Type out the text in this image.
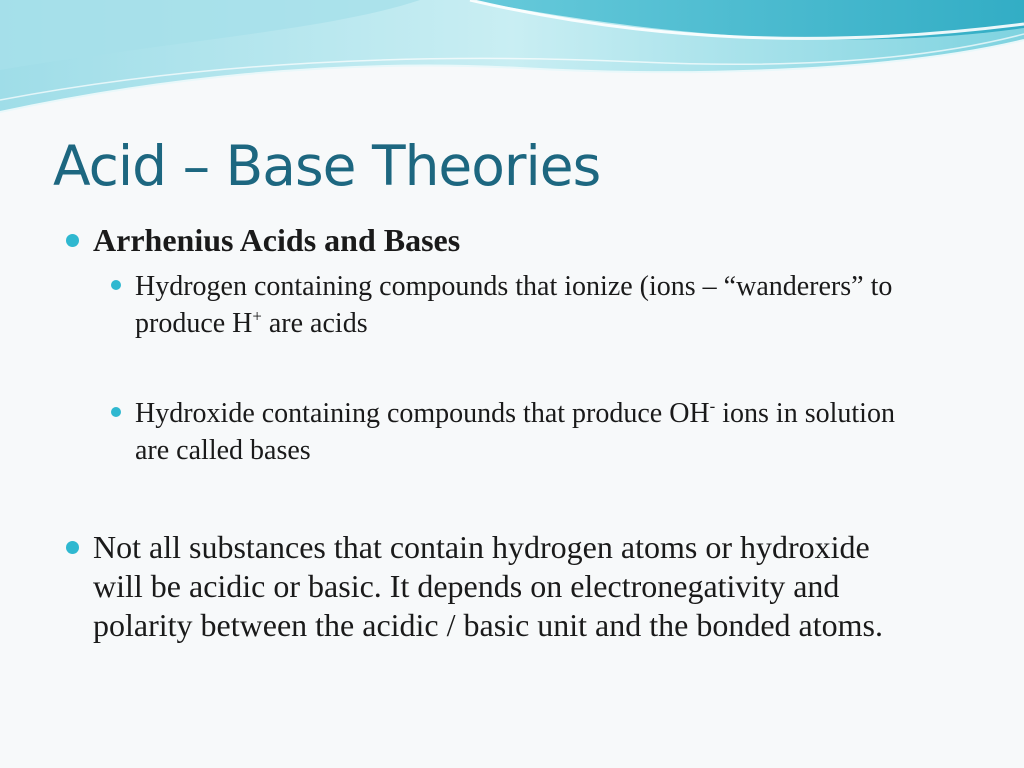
Acid – Base Theories
Arrhenius Acids and Bases
Hydrogen containing compounds that ionize (ions – “wanderers” to produce H+ are acids
Hydroxide containing compounds that produce OH- ions in solution are called bases
Not all substances that contain hydrogen atoms or hydroxide will be acidic or basic. It depends on electronegativity and polarity between the acidic / basic unit and the bonded atoms.
